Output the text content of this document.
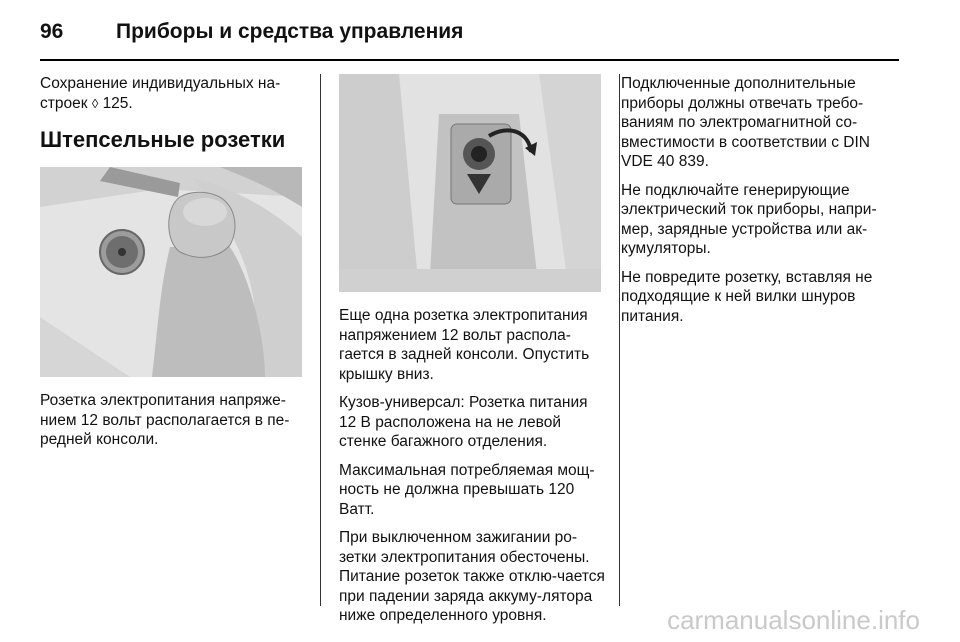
96	Приборы и средства управления

Сохранение индивидуальных на-строек ◊ 125.

Штепсельные розетки

Розетка электропитания напряже-нием 12 вольт располагается в пе-редней консоли.

Еще одна розетка электропитания напряжением 12 вольт распола-гается в задней консоли. Опустить крышку вниз.

Кузов-универсал: Розетка питания 12 В расположена на не левой стенке багажного отделения.

Максимальная потребляемая мощ-ность не должна превышать 120 Ватт.

При выключенном зажигании ро-зетки электропитания обесточены. Питание розеток также отклю-чается при падении заряда аккуму-лятора ниже определенного уровня.

Подключенные дополнительные приборы должны отвечать требо-ваниям по электромагнитной со-вместимости в соответствии с DIN VDE 40 839.

Не подключайте генерирующие электрический ток приборы, напри-мер, зарядные устройства или ак-кумуляторы.

Не повредите розетку, вставляя не подходящие к ней вилки шнуров питания.

carmanualsonline.info
